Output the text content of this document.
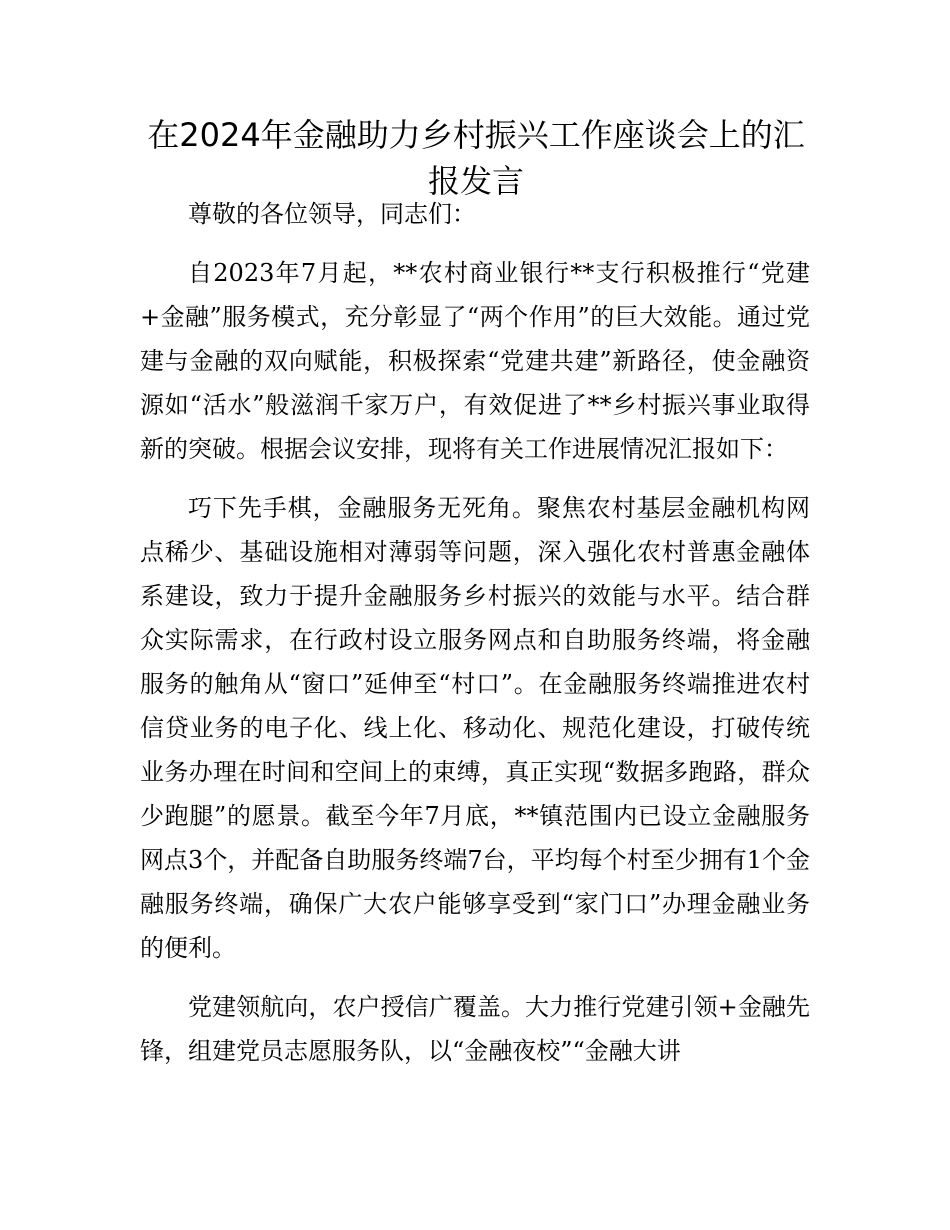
在2024年金融助力乡村振兴工作座谈会上的汇报发言

尊敬的各位领导，同志们：

自2023年7月起，**农村商业银行**支行积极推行“党建+金融”服务模式，充分彰显了“两个作用”的巨大效能。通过党建与金融的双向赋能，积极探索“党建共建”新路径，使金融资源如“活水”般滋润千家万户，有效促进了**乡村振兴事业取得新的突破。根据会议安排，现将有关工作进展情况汇报如下：

巧下先手棋，金融服务无死角。聚焦农村基层金融机构网点稀少、基础设施相对薄弱等问题，深入强化农村普惠金融体系建设，致力于提升金融服务乡村振兴的效能与水平。结合群众实际需求，在行政村设立服务网点和自助服务终端，将金融服务的触角从“窗口”延伸至“村口”。在金融服务终端推进农村信贷业务的电子化、线上化、移动化、规范化建设，打破传统业务办理在时间和空间上的束缚，真正实现“数据多跑路，群众少跑腿”的愿景。截至今年7月底，**镇范围内已设立金融服务网点3个，并配备自助服务终端7台，平均每个村至少拥有1个金融服务终端，确保广大农户能够享受到“家门口”办理金融业务的便利。

党建领航向，农户授信广覆盖。大力推行党建引领+金融先锋，组建党员志愿服务队，以“金融夜校”“金融大讲
